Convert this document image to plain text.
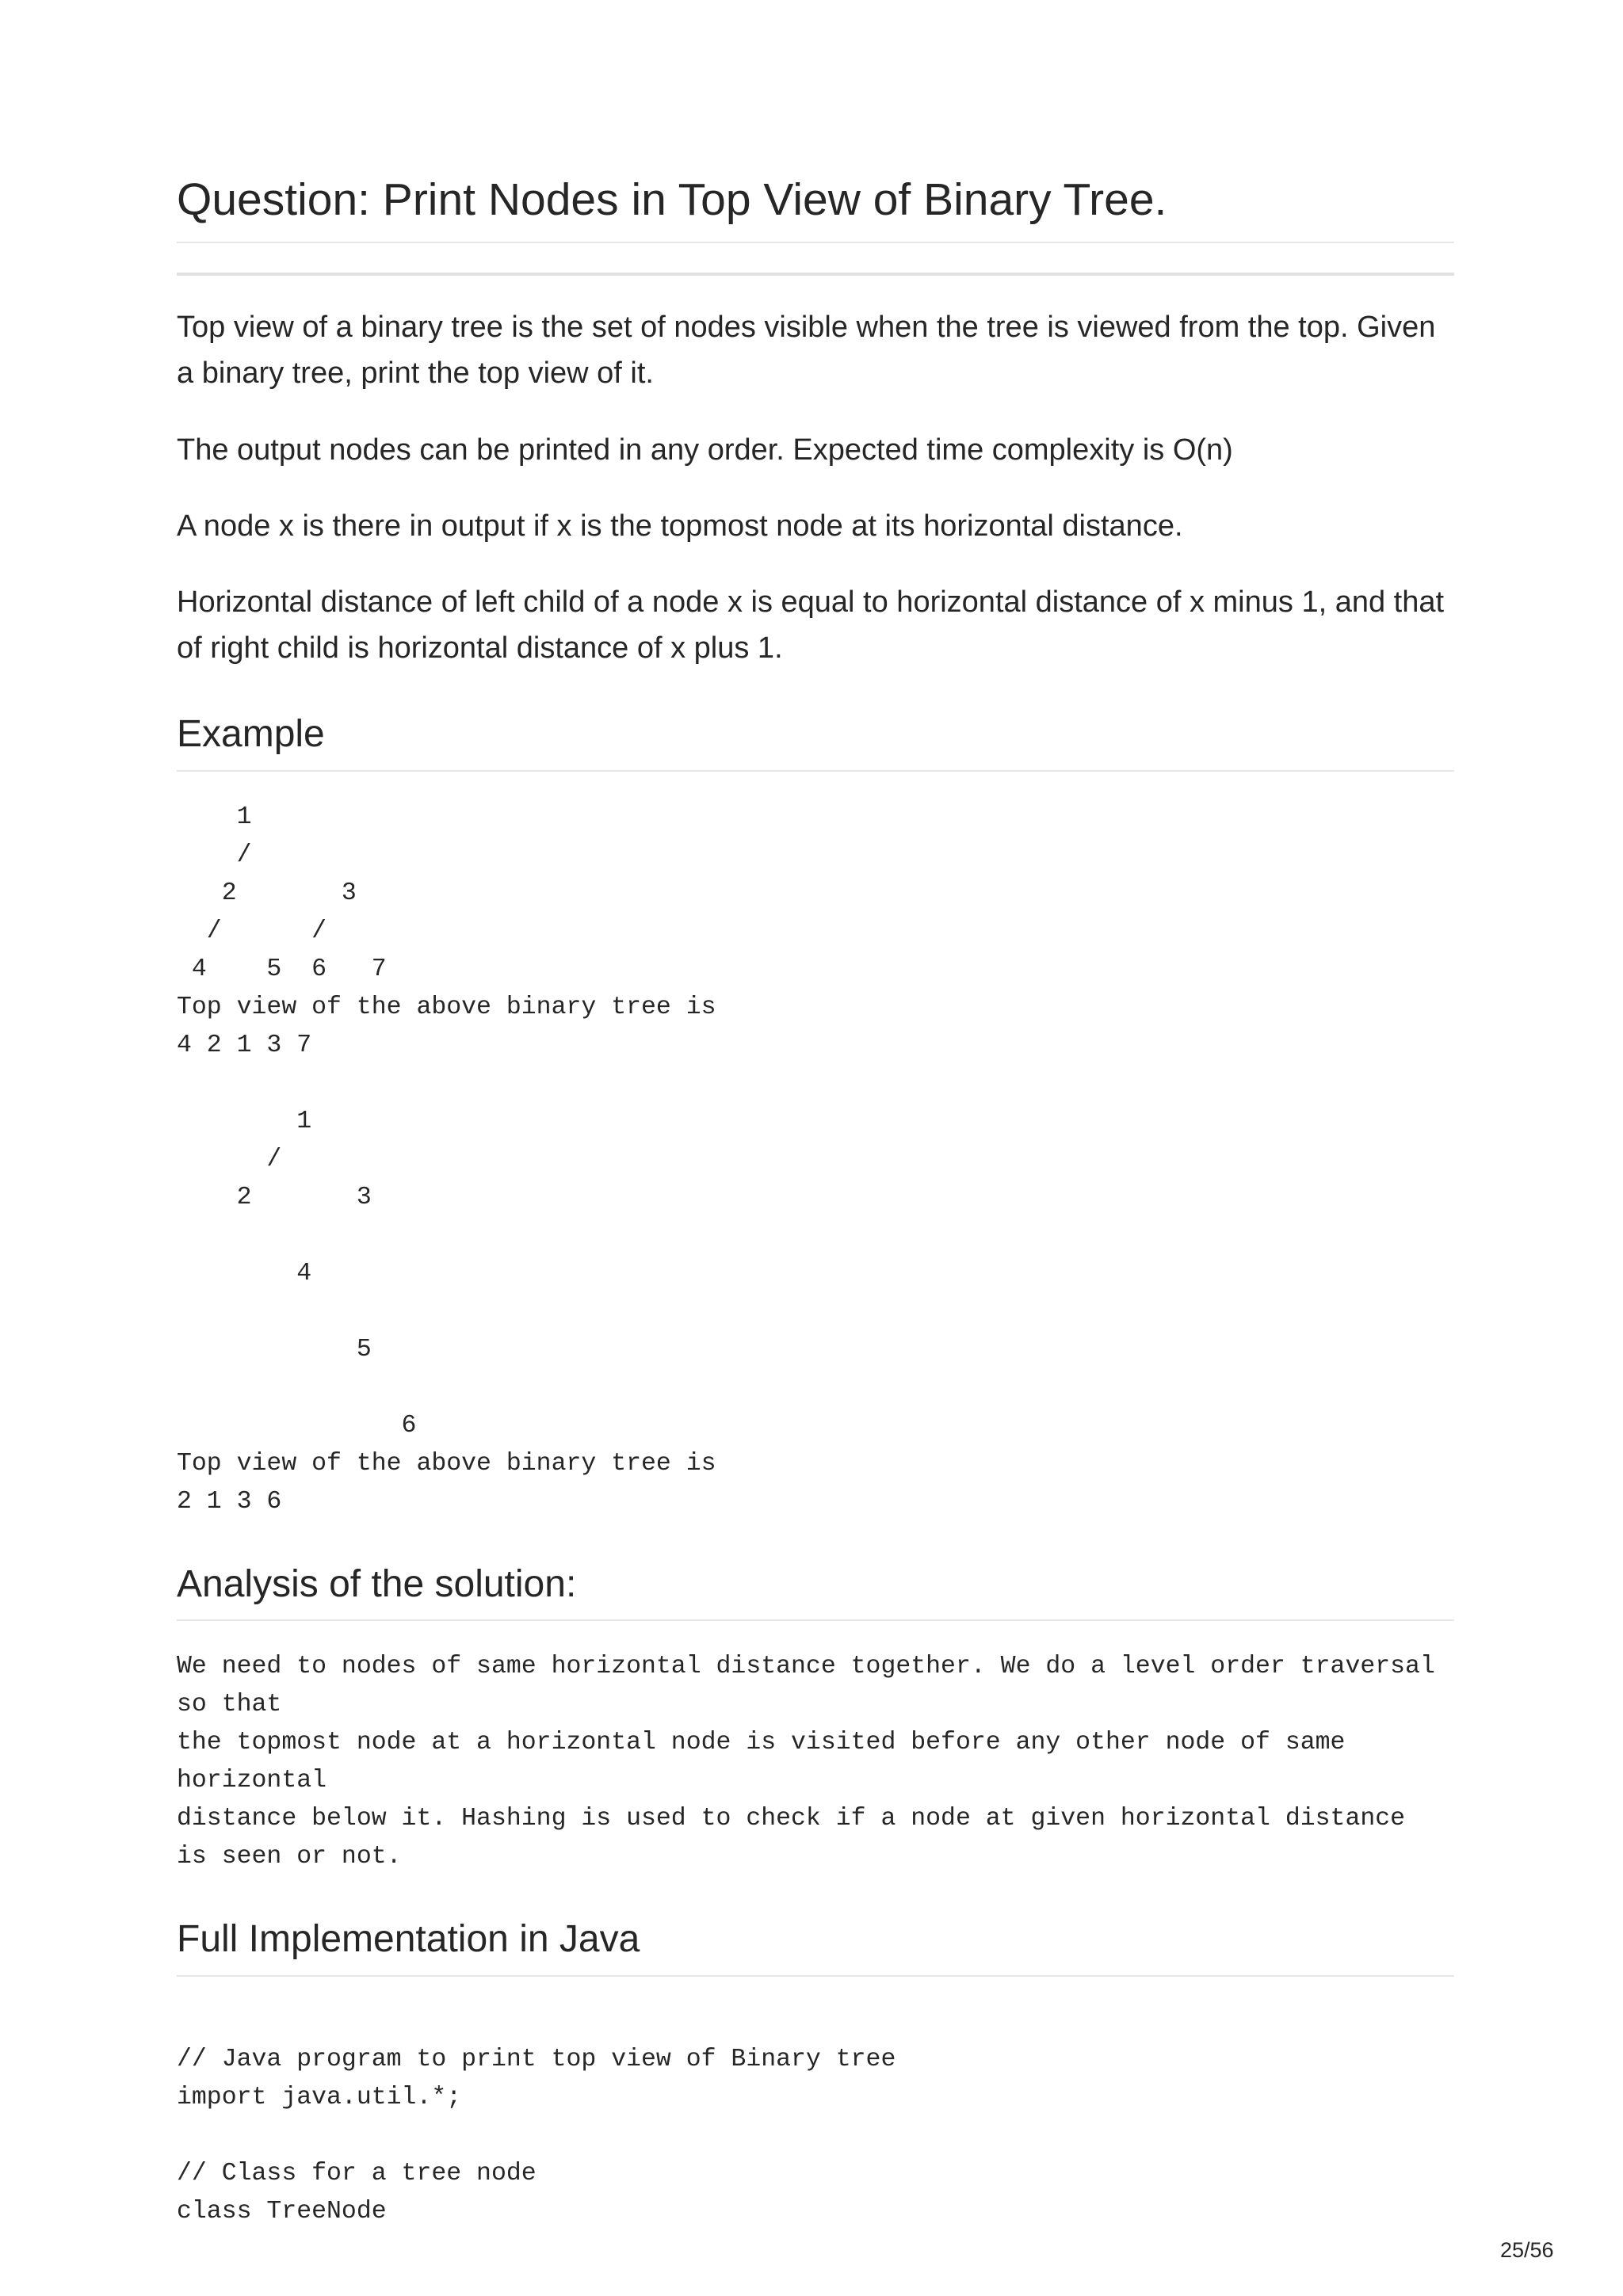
Question: Print Nodes in Top View of Binary Tree.

Top view of a binary tree is the set of nodes visible when the tree is viewed from the top. Given a binary tree, print the top view of it.

The output nodes can be printed in any order. Expected time complexity is O(n)

A node x is there in output if x is the topmost node at its horizontal distance.

Horizontal distance of left child of a node x is equal to horizontal distance of x minus 1, and that of right child is horizontal distance of x plus 1.

Example
1
/
2       3
/      /
4    5  6   7
Top view of the above binary tree is
4 2 1 3 7

1
/
2       3

4

5

6
Top view of the above binary tree is
2 1 3 6
Analysis of the solution:
We need to nodes of same horizontal distance together. We do a level order traversal
so that
the topmost node at a horizontal node is visited before any other node of same
horizontal
distance below it. Hashing is used to check if a node at given horizontal distance
is seen or not.
Full Implementation in Java
// Java program to print top view of Binary tree
import java.util.*;

// Class for a tree node
class TreeNode
25/56
